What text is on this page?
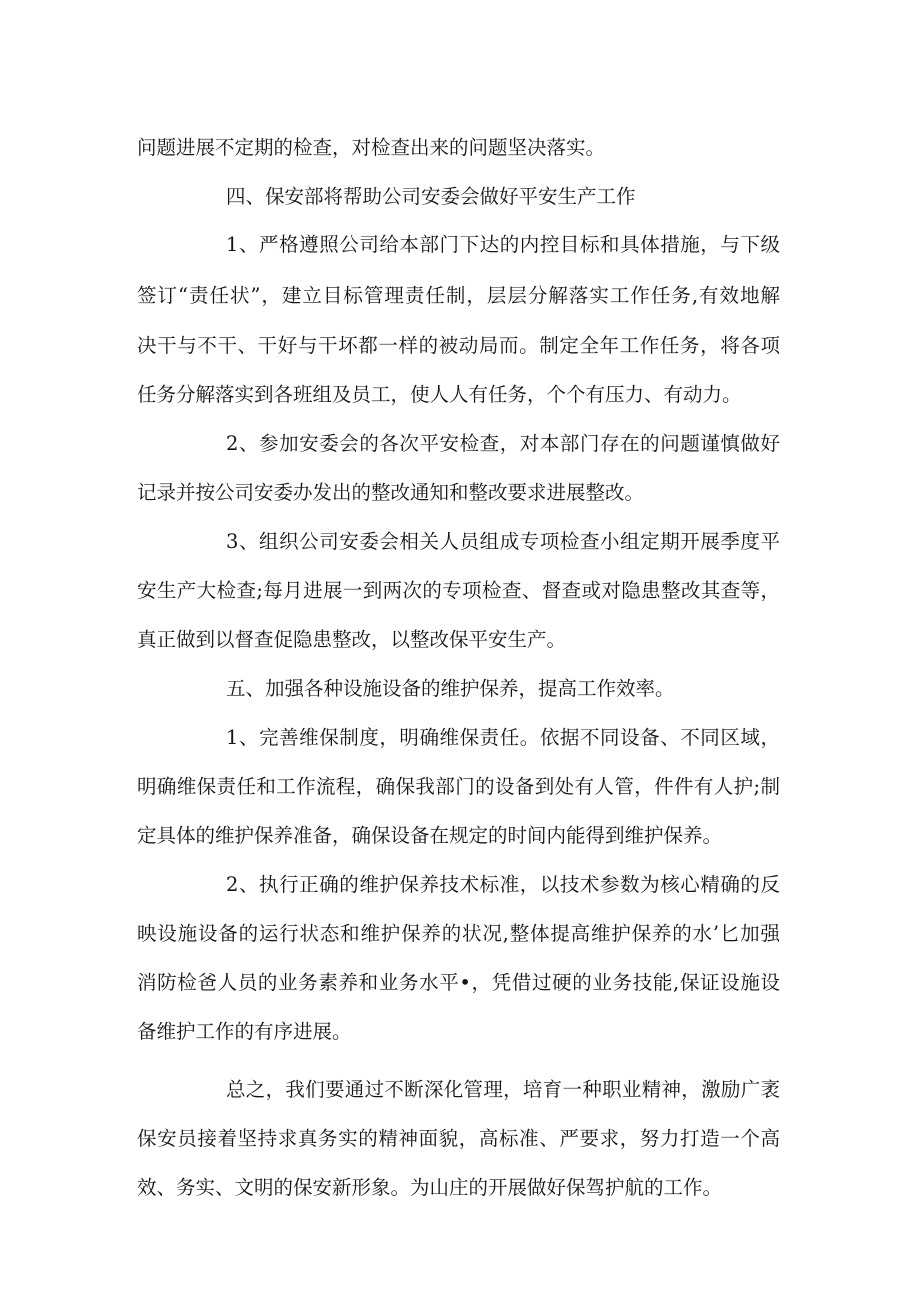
问题进展不定期的检查，对检查出来的问题坚决落实。
四、保安部将帮助公司安委会做好平安生产工作
1、严格遵照公司给本部门下达的内控目标和具体措施，与下级
签订“责任状”，建立目标管理责任制，层层分解落实工作任务,有效地解
决干与不干、干好与干坏都一样的被动局而。制定全年工作任务，将各项
任务分解落实到各班组及员工，使人人有任务，个个有压力、有动力。
2、参加安委会的各次平安检查，对本部门存在的问题谨慎做好
记录并按公司安委办发出的整改通知和整改要求进展整改。
3、组织公司安委会相关人员组成专项检查小组定期开展季度平
安生产大检查;每月进展一到两次的专项检查、督查或对隐患整改其查等，
真正做到以督查促隐患整改，以整改保平安生产。
五、加强各种设施设备的维护保养，提高工作效率。
1、完善维保制度，明确维保责任。依据不同设备、不同区域，
明确维保责任和工作流程，确保我部门的设备到处有人管，件件有人护;制
定具体的维护保养准备，确保设备在规定的时间内能得到维护保养。
2、执行正确的维护保养技术标准，以技术参数为核心精确的反
映设施设备的运行状态和维护保养的状况,整体提高维护保养的水’匕加强
消防检爸人员的业务素养和业务水平•，凭借过硬的业务技能,保证设施设
备维护工作的有序进展。
总之，我们要通过不断深化管理，培育一种职业精神，激励广袤
保安员接着坚持求真务实的精神面貌，高标准、严要求，努力打造一个高
效、务实、文明的保安新形象。为山庄的开展做好保驾护航的工作。
